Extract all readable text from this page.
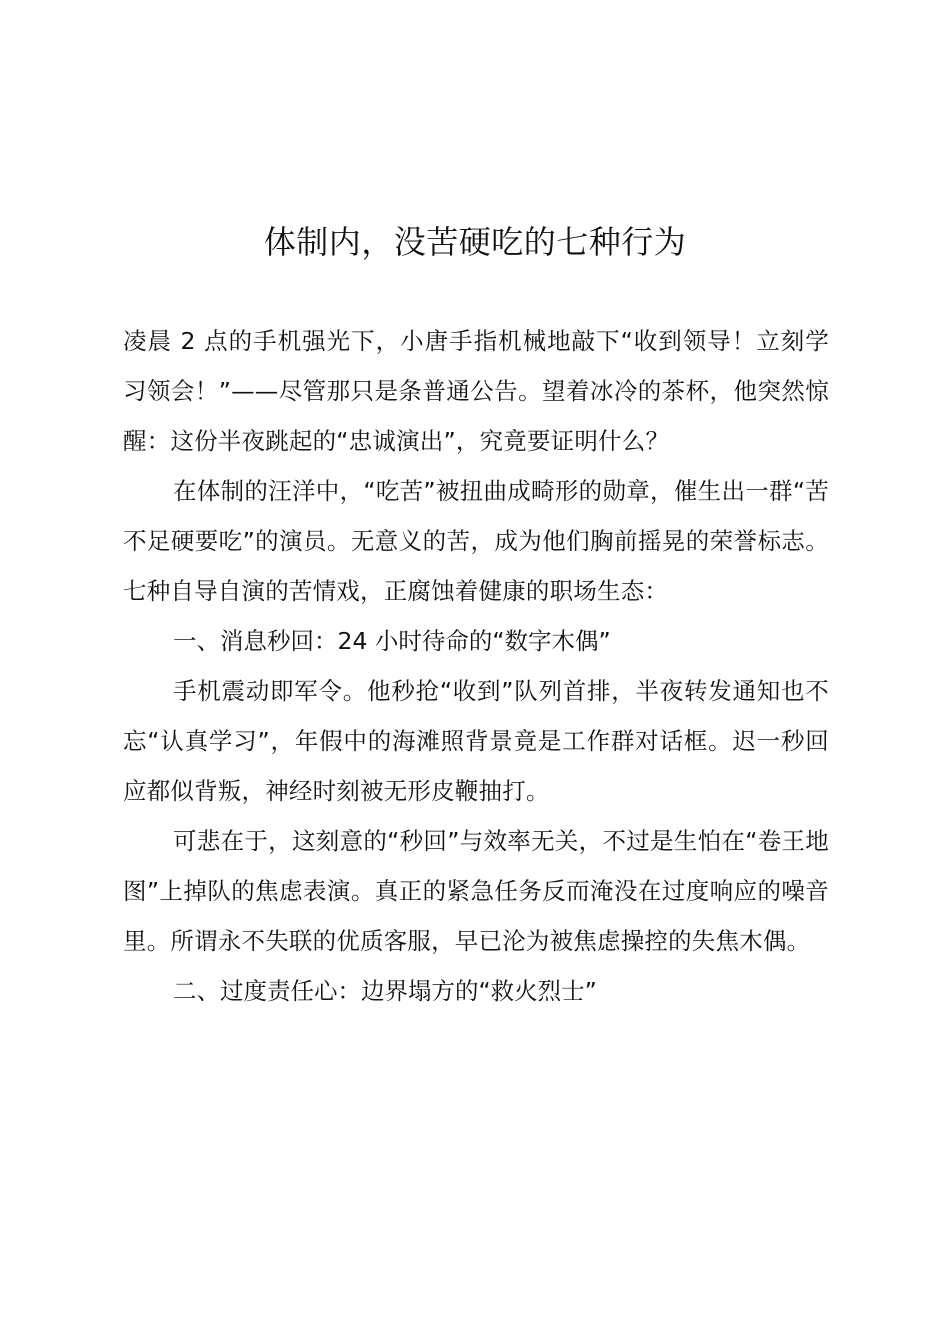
体制内，没苦硬吃的七种行为

凌晨 2 点的手机强光下，小唐手指机械地敲下“收到领导！立刻学习领会！”——尽管那只是条普通公告。望着冰冷的茶杯，他突然惊醒：这份半夜跳起的“忠诚演出”，究竟要证明什么？

在体制的汪洋中，“吃苦”被扭曲成畸形的勋章，催生出一群“苦不足硬要吃”的演员。无意义的苦，成为他们胸前摇晃的荣誉标志。七种自导自演的苦情戏，正腐蚀着健康的职场生态：

一、消息秒回：24 小时待命的“数字木偶”

手机震动即军令。他秒抢“收到”队列首排，半夜转发通知也不忘“认真学习”，年假中的海滩照背景竟是工作群对话框。迟一秒回应都似背叛，神经时刻被无形皮鞭抽打。

可悲在于，这刻意的“秒回”与效率无关，不过是生怕在“卷王地图”上掉队的焦虑表演。真正的紧急任务反而淹没在过度响应的噪音里。所谓永不失联的优质客服，早已沦为被焦虑操控的失焦木偶。

二、过度责任心：边界塌方的“救火烈士”
